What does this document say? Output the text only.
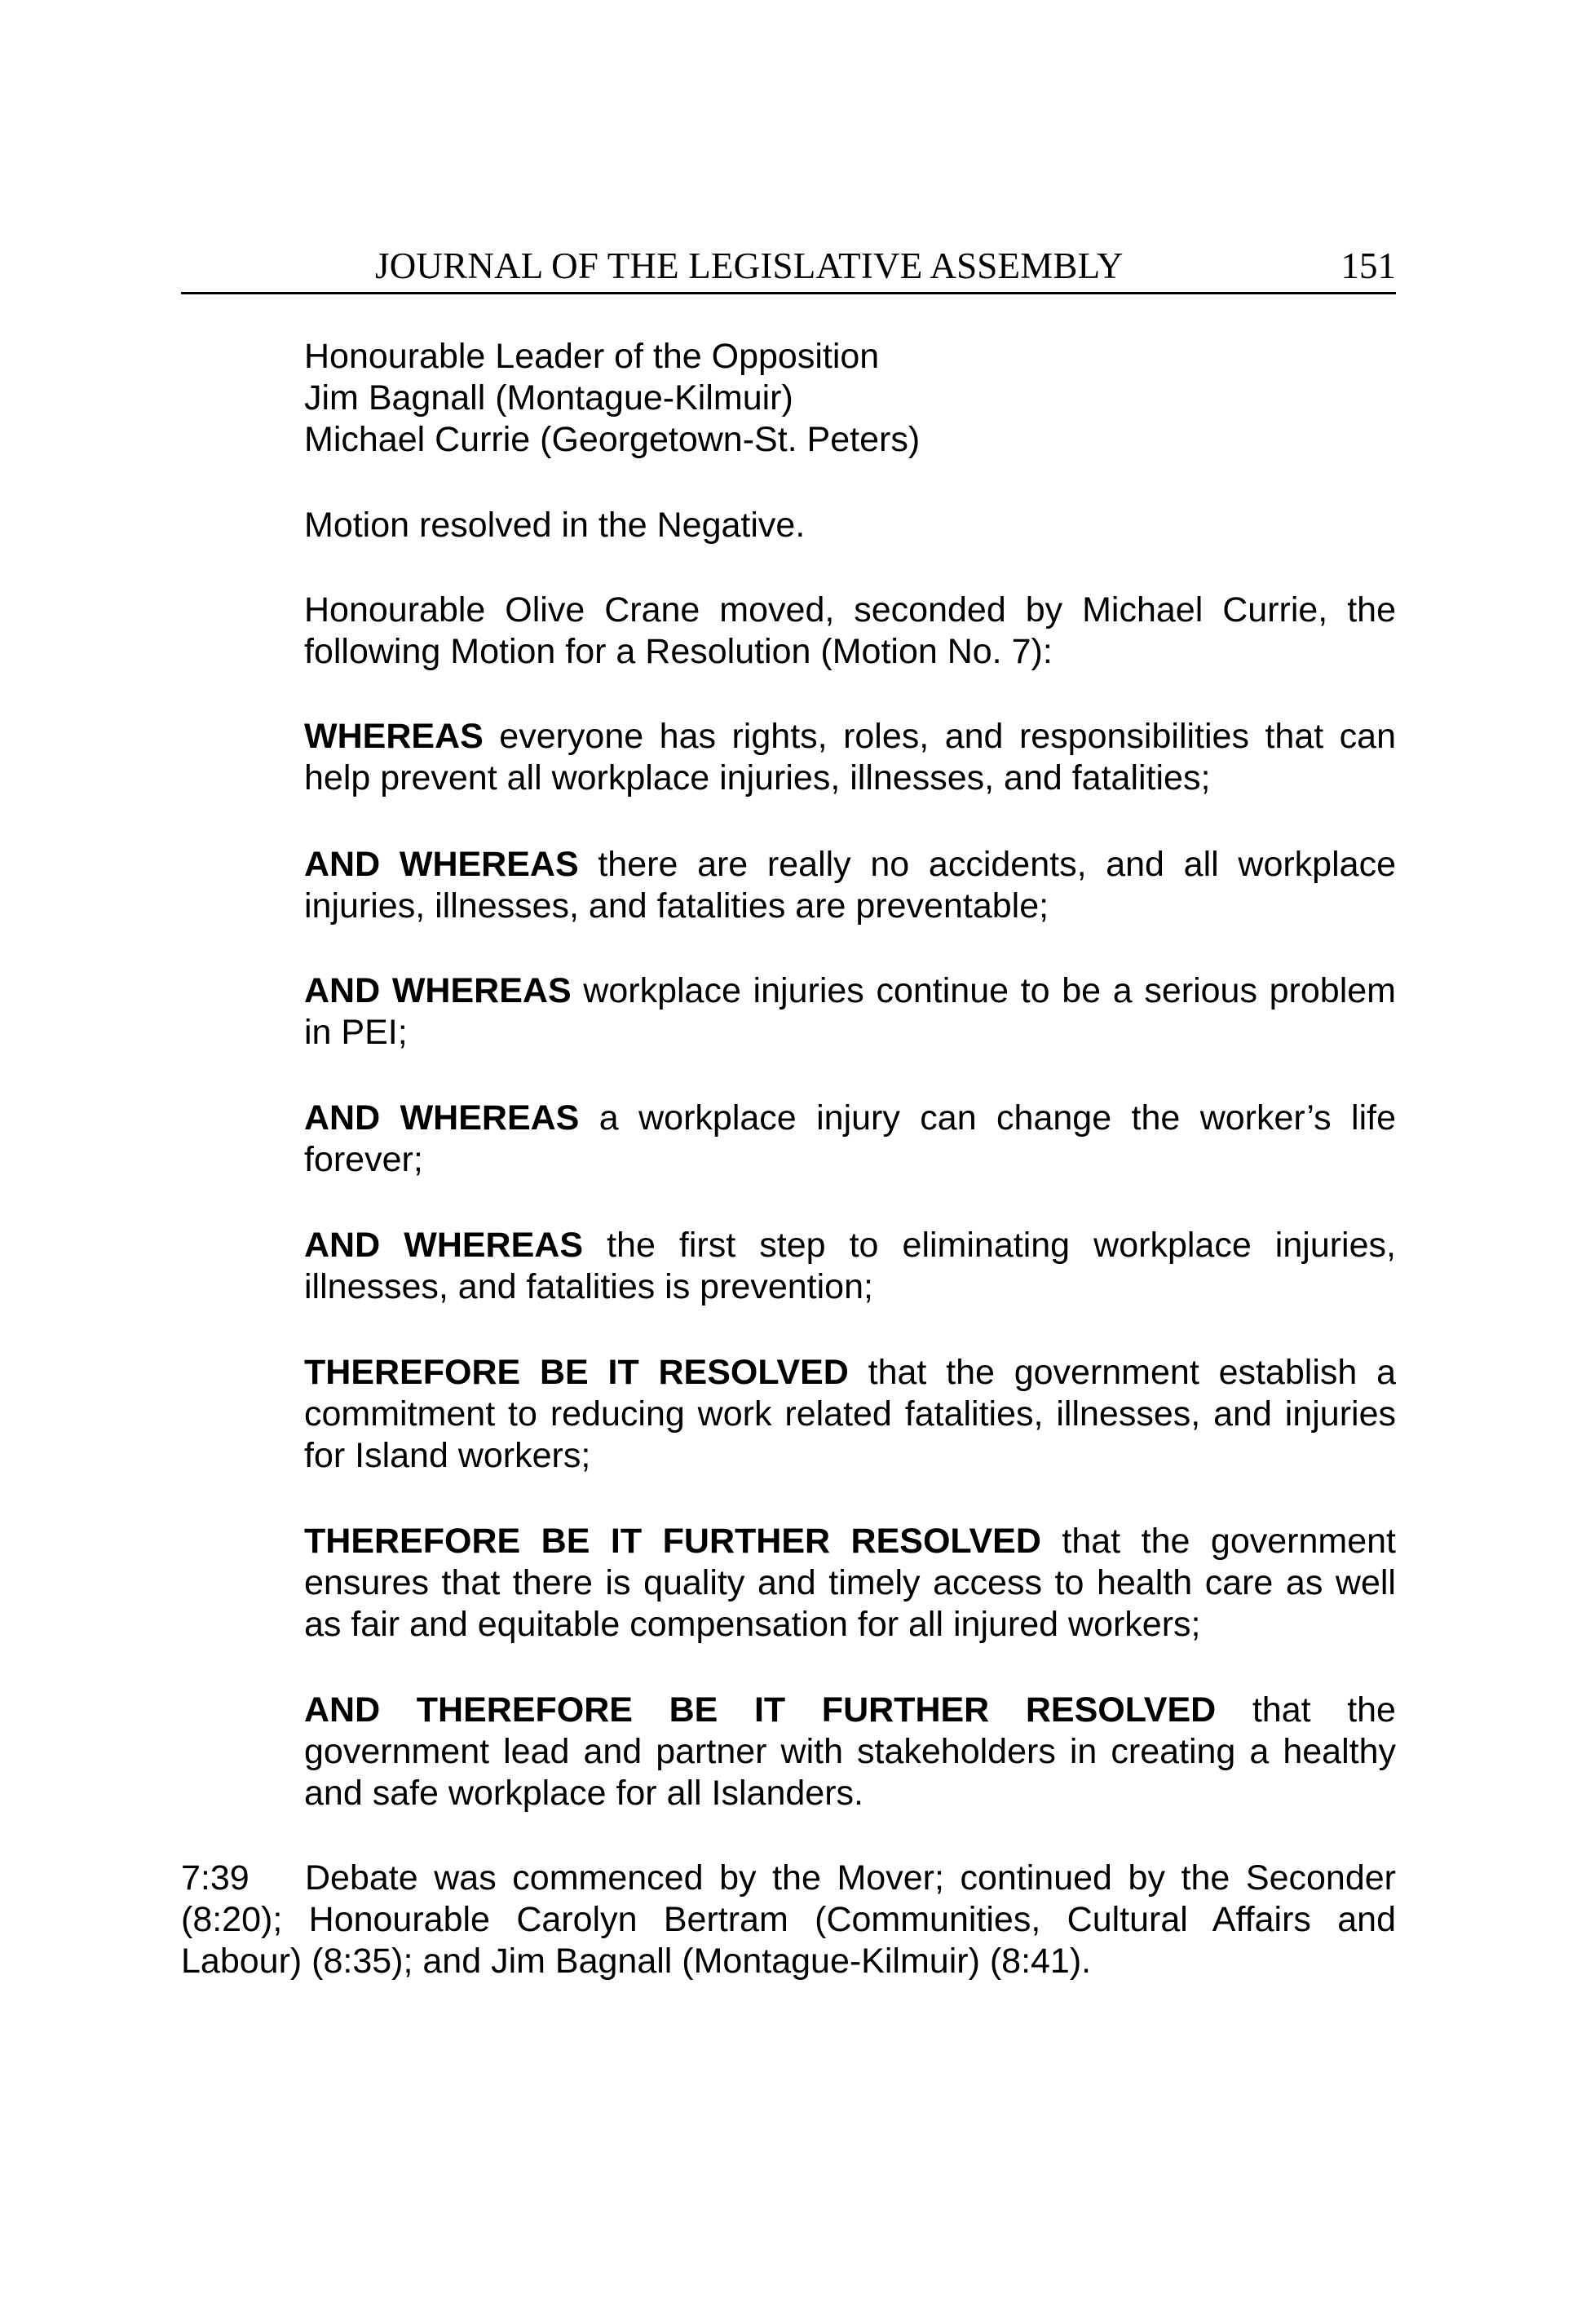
JOURNAL OF THE LEGISLATIVE ASSEMBLY	151

Honourable Leader of the Opposition
Jim Bagnall (Montague-Kilmuir)
Michael Currie (Georgetown-St. Peters)

Motion resolved in the Negative.

Honourable Olive Crane moved, seconded by Michael Currie, the following Motion for a Resolution (Motion No. 7):

WHEREAS everyone has rights, roles, and responsibilities that can help prevent all workplace injuries, illnesses, and fatalities;

AND WHEREAS there are really no accidents, and all workplace injuries, illnesses, and fatalities are preventable;

AND WHEREAS workplace injuries continue to be a serious problem in PEI;

AND WHEREAS a workplace injury can change the worker’s life forever;

AND WHEREAS the first step to eliminating workplace injuries, illnesses, and fatalities is prevention;

THEREFORE BE IT RESOLVED that the government establish a commitment to reducing work related fatalities, illnesses, and injuries for Island workers;

THEREFORE BE IT FURTHER RESOLVED that the government ensures that there is quality and timely access to health care as well as fair and equitable compensation for all injured workers;

AND THEREFORE BE IT FURTHER RESOLVED that the government lead and partner with stakeholders in creating a healthy and safe workplace for all Islanders.

7:39 Debate was commenced by the Mover; continued by the Seconder (8:20); Honourable Carolyn Bertram (Communities, Cultural Affairs and Labour) (8:35); and Jim Bagnall (Montague-Kilmuir) (8:41).
